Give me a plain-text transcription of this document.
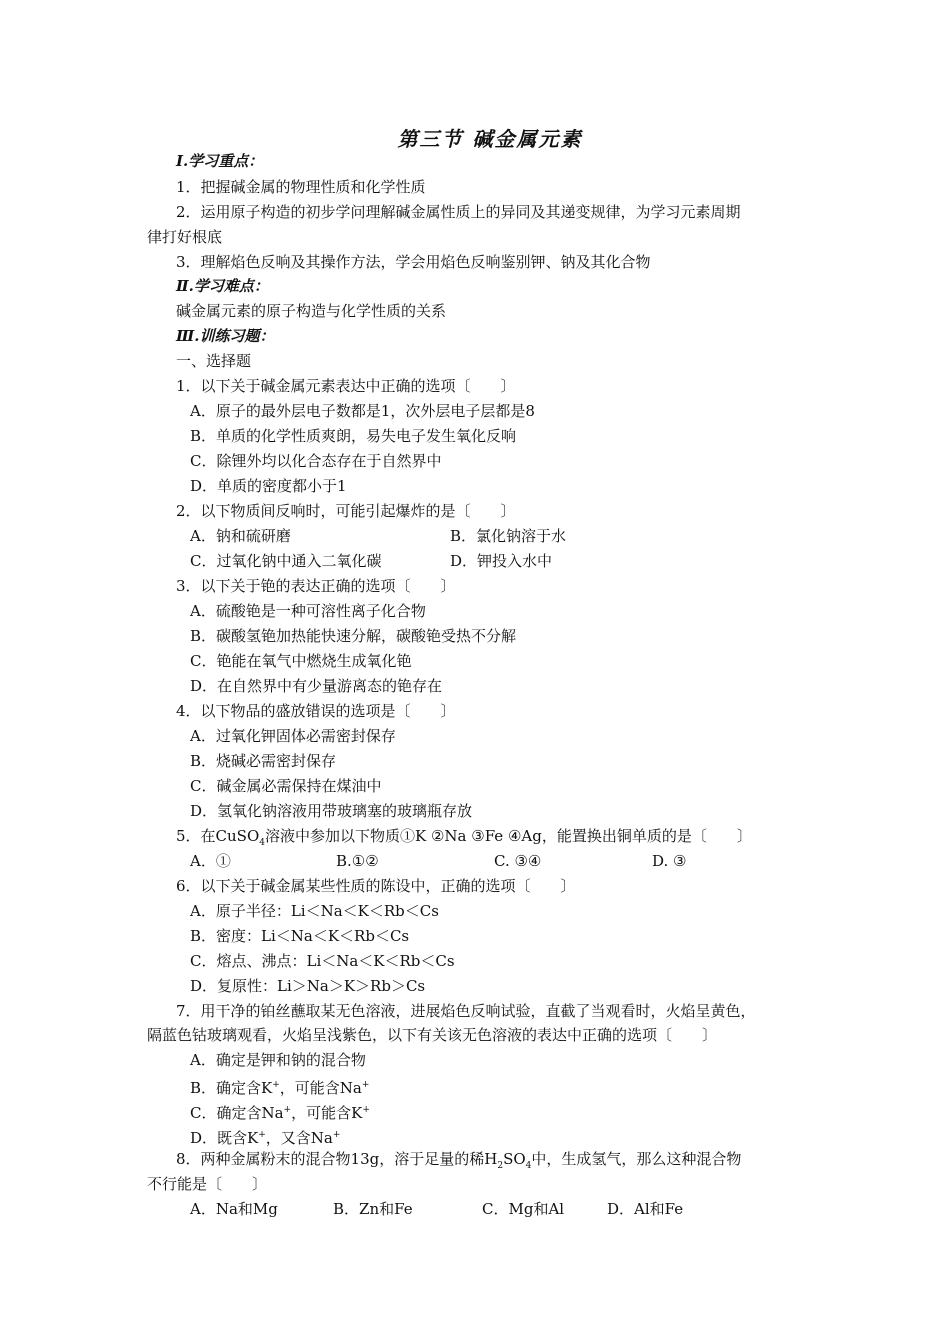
第三节 碱金属元素
Ⅰ.学习重点：
1．把握碱金属的物理性质和化学性质
2．运用原子构造的初步学问理解碱金属性质上的异同及其递变规律，为学习元素周期
律打好根底
3．理解焰色反响及其操作方法，学会用焰色反响鉴别钾、钠及其化合物
Ⅱ.学习难点：
碱金属元素的原子构造与化学性质的关系
Ⅲ.训练习题：
一、选择题
1．以下关于碱金属元素表达中正确的选项〔　　〕
A．原子的最外层电子数都是1，次外层电子层都是8
B．单质的化学性质爽朗，易失电子发生氧化反响
C．除锂外均以化合态存在于自然界中
D．单质的密度都小于1
2．以下物质间反响时，可能引起爆炸的是〔　　〕
A．钠和硫研磨	B．氯化钠溶于水
C．过氧化钠中通入二氧化碳	D．钾投入水中
3．以下关于铯的表达正确的选项〔　　〕
A．硫酸铯是一种可溶性离子化合物
B．碳酸氢铯加热能快速分解，碳酸铯受热不分解
C．铯能在氧气中燃烧生成氧化铯
D．在自然界中有少量游离态的铯存在
4．以下物品的盛放错误的选项是〔　　〕
A．过氧化钾固体必需密封保存
B．烧碱必需密封保存
C．碱金属必需保持在煤油中
D．氢氧化钠溶液用带玻璃塞的玻璃瓶存放
5．在CuSO$_4$溶液中参加以下物质①K ②Na ③Fe ④Ag，能置换出铜单质的是〔　　〕
A．①	B.①②	C. ③④	D. ③
6．以下关于碱金属某些性质的陈设中，正确的选项〔　　〕
A．原子半径：Li＜Na＜K＜Rb＜Cs
B．密度：Li＜Na＜K＜Rb＜Cs
C．熔点、沸点：Li＜Na＜K＜Rb＜Cs
D．复原性：Li＞Na＞K＞Rb＞Cs
7．用干净的铂丝蘸取某无色溶液，进展焰色反响试验，直截了当观看时，火焰呈黄色，
隔蓝色钴玻璃观看，火焰呈浅紫色，以下有关该无色溶液的表达中正确的选项〔　　〕
A．确定是钾和钠的混合物
B．确定含K+，可能含Na+
C．确定含Na+，可能含K+
D．既含K+，又含Na+
8．两种金属粉末的混合物13g，溶于足量的稀$H_2SO_4$中，生成氢气，那么这种混合物
不行能是〔　　〕
A．Na和Mg	B．Zn和Fe	C．Mg和Al	D．Al和Fe
